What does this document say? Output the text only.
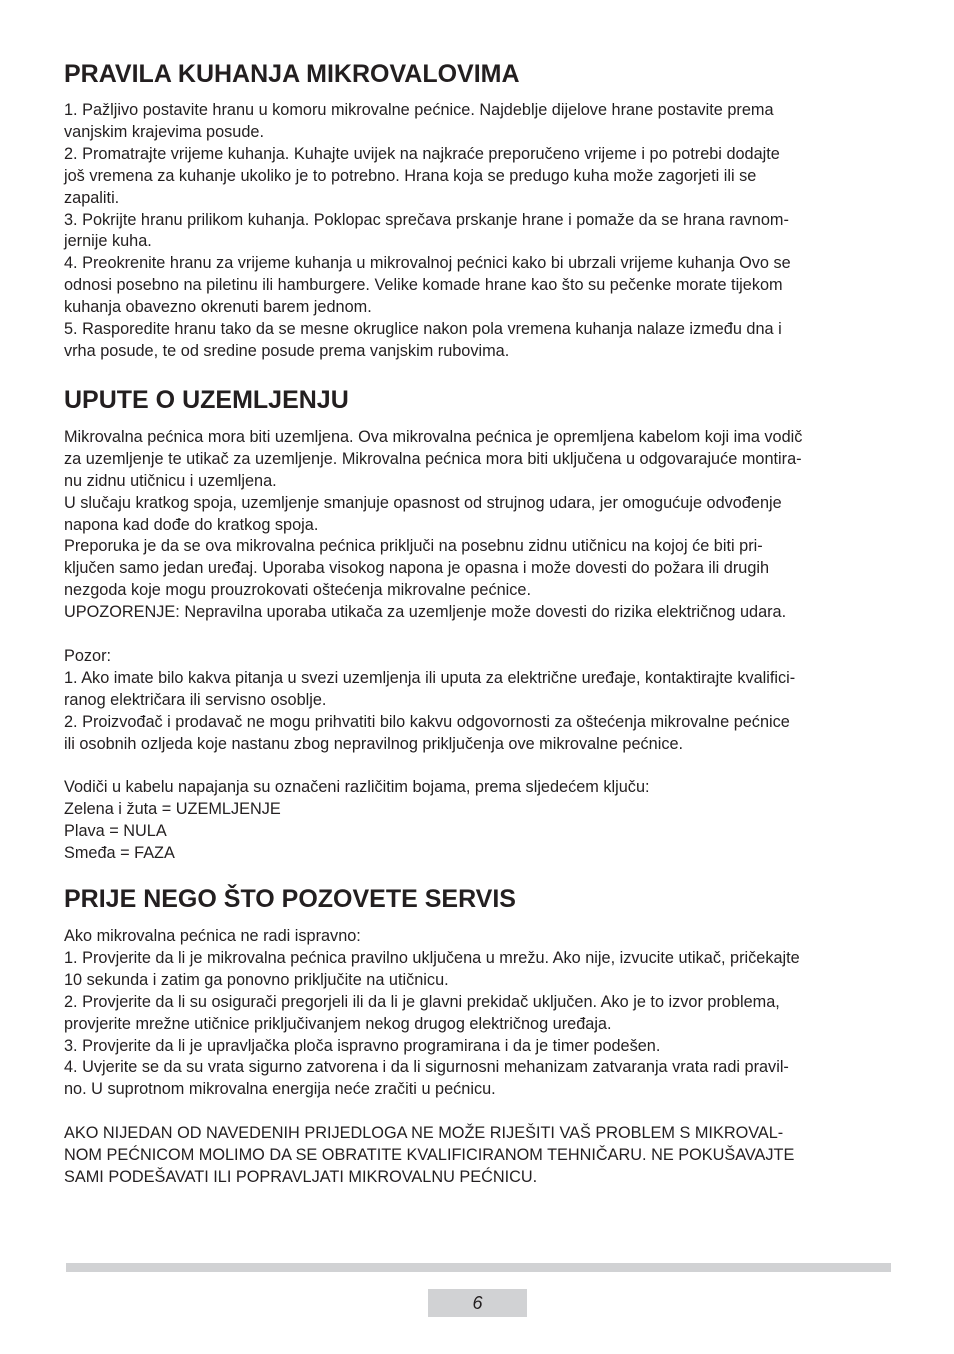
PRAVILA KUHANJA MIKROVALOVIMA
1. Pažljivo postavite hranu u komoru mikrovalne pećnice. Najdeblje dijelove hrane postavite prema
vanjskim krajevima posude.
2. Promatrajte vrijeme kuhanja. Kuhajte uvijek na najkraće preporučeno vrijeme i po potrebi dodajte
još vremena za kuhanje ukoliko je to potrebno. Hrana koja se predugo kuha može zagorjeti ili se
zapaliti.
3. Pokrijte hranu prilikom kuhanja. Poklopac sprečava prskanje hrane i pomaže da se hrana ravnom-
jernije kuha.
4. Preokrenite hranu za vrijeme kuhanja u mikrovalnoj pećnici kako bi ubrzali vrijeme kuhanja Ovo se
odnosi posebno na piletinu ili hamburgere. Velike komade hrane kao što su pečenke morate tijekom
kuhanja obavezno okrenuti barem jednom.
5. Rasporedite hranu tako da se mesne okruglice nakon pola vremena kuhanja nalaze između dna i
vrha posude, te od sredine posude prema vanjskim rubovima.
UPUTE O UZEMLJENJU
Mikrovalna pećnica mora biti uzemljena. Ova mikrovalna pećnica je opremljena kabelom koji ima vodič
za uzemljenje te utikač za uzemljenje. Mikrovalna pećnica mora biti uključena u odgovarajuće montira-
nu zidnu utičnicu i uzemljena.
U slučaju kratkog spoja, uzemljenje smanjuje opasnost od strujnog udara, jer omogućuje odvođenje
napona kad dođe do kratkog spoja.
Preporuka je da se ova mikrovalna pećnica priključi na posebnu zidnu utičnicu na kojoj će biti pri-
ključen samo jedan uređaj. Uporaba visokog napona je opasna i može dovesti do požara ili drugih
nezgoda koje mogu prouzrokovati oštećenja mikrovalne pećnice.
UPOZORENJE: Nepravilna uporaba utikača za uzemljenje može dovesti do rizika električnog udara.
Pozor:
1. Ako imate bilo kakva pitanja u svezi uzemljenja ili uputa za električne uređaje, kontaktirajte kvalifici-
ranog električara ili servisno osoblje.
2. Proizvođač i prodavač ne mogu prihvatiti bilo kakvu odgovornosti za oštećenja mikrovalne pećnice
ili osobnih ozljeda koje nastanu zbog nepravilnog priključenja ove mikrovalne pećnice.
Vodiči u kabelu napajanja su označeni različitim bojama, prema sljedećem ključu:
Zelena i žuta = UZEMLJENJE
Plava = NULA
Smeđa = FAZA
PRIJE NEGO ŠTO POZOVETE SERVIS
Ako mikrovalna pećnica ne radi ispravno:
1. Provjerite da li je mikrovalna pećnica pravilno uključena u mrežu. Ako nije, izvucite utikač, pričekajte
10 sekunda i zatim ga ponovno priključite na utičnicu.
2. Provjerite da li su osigurači pregorjeli ili da li je glavni prekidač uključen. Ako je to izvor problema,
provjerite mrežne utičnice priključivanjem nekog drugog električnog uređaja.
3. Provjerite da li je upravljačka ploča ispravno programirana i da je timer podešen.
4. Uvjerite se da su vrata sigurno zatvorena i da li sigurnosni mehanizam zatvaranja vrata radi pravil-
no. U suprotnom mikrovalna energija neće zračiti u pećnicu.
AKO NIJEDAN OD NAVEDENIH PRIJEDLOGA NE MOŽE RIJEŠITI VAŠ PROBLEM S MIKROVAL-
NOM PEĆNICOM MOLIMO DA SE OBRATITE KVALIFICIRANOM TEHNIČARU. NE POKUŠAVAJTE
SAMI PODEŠAVATI ILI POPRAVLJATI MIKROVALNU PEĆNICU.
6
